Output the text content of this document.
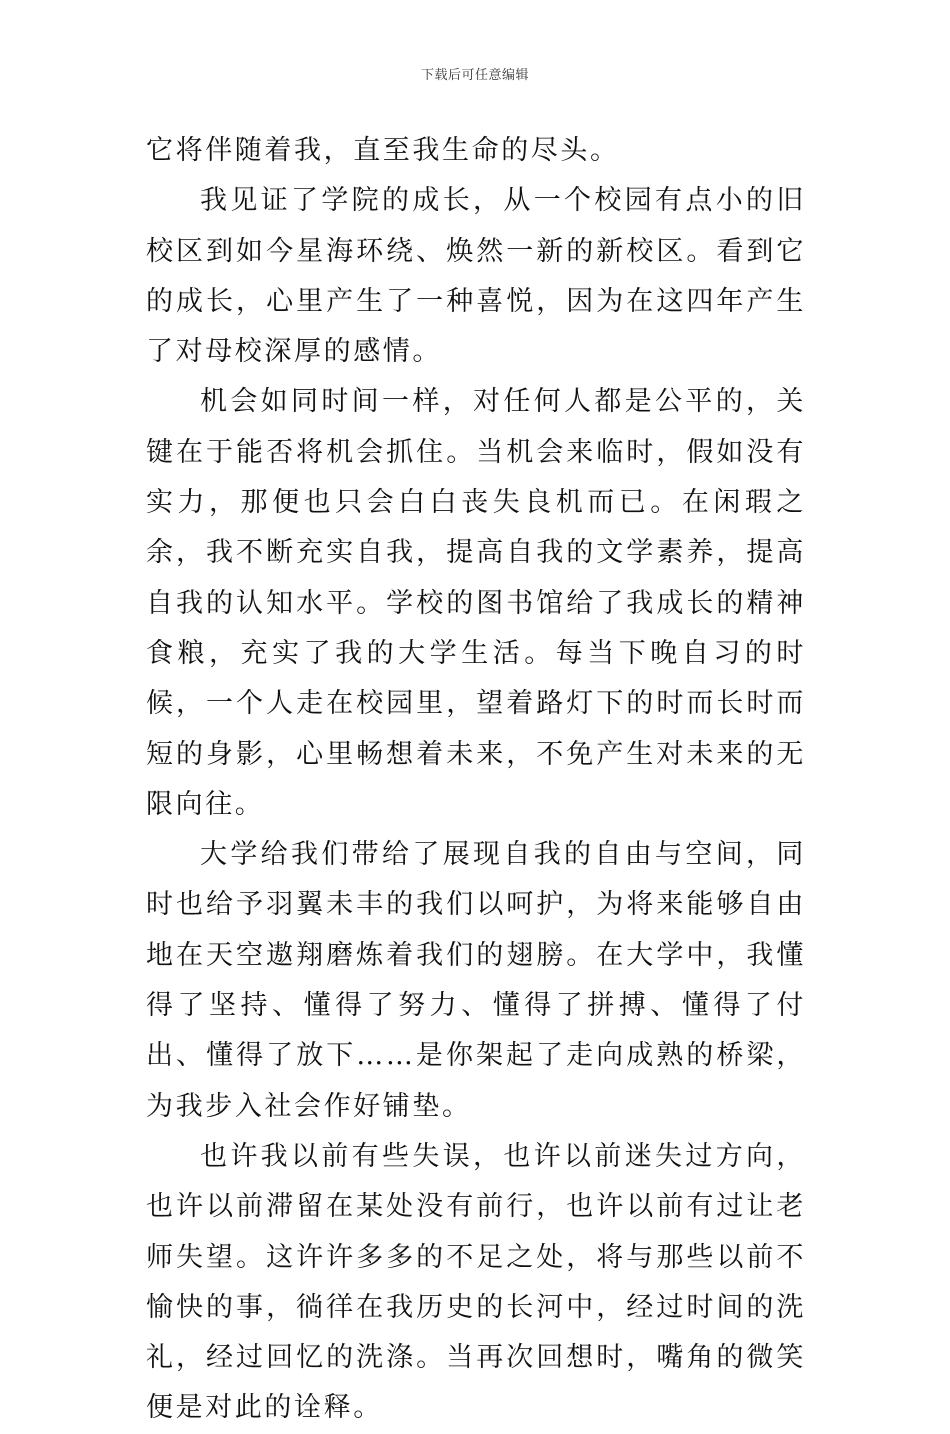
下载后可任意编辑

它将伴随着我，直至我生命的尽头。

我见证了学院的成长，从一个校园有点小的旧校区到如今星海环绕、焕然一新的新校区。看到它的成长，心里产生了一种喜悦，因为在这四年产生了对母校深厚的感情。

机会如同时间一样，对任何人都是公平的，关键在于能否将机会抓住。当机会来临时，假如没有实力，那便也只会白白丧失良机而已。在闲瑕之余，我不断充实自我，提高自我的文学素养，提高自我的认知水平。学校的图书馆给了我成长的精神食粮，充实了我的大学生活。每当下晚自习的时候，一个人走在校园里，望着路灯下的时而长时而短的身影，心里畅想着未来，不免产生对未来的无限向往。

大学给我们带给了展现自我的自由与空间，同时也给予羽翼未丰的我们以呵护，为将来能够自由地在天空遨翔磨炼着我们的翅膀。在大学中，我懂得了坚持、懂得了努力、懂得了拼搏、懂得了付出、懂得了放下……是你架起了走向成熟的桥梁，为我步入社会作好铺垫。

也许我以前有些失误，也许以前迷失过方向，也许以前滞留在某处没有前行，也许以前有过让老师失望。这许许多多的不足之处，将与那些以前不愉快的事，徜徉在我历史的长河中，经过时间的洗礼，经过回忆的洗涤。当再次回想时，嘴角的微笑便是对此的诠释。
